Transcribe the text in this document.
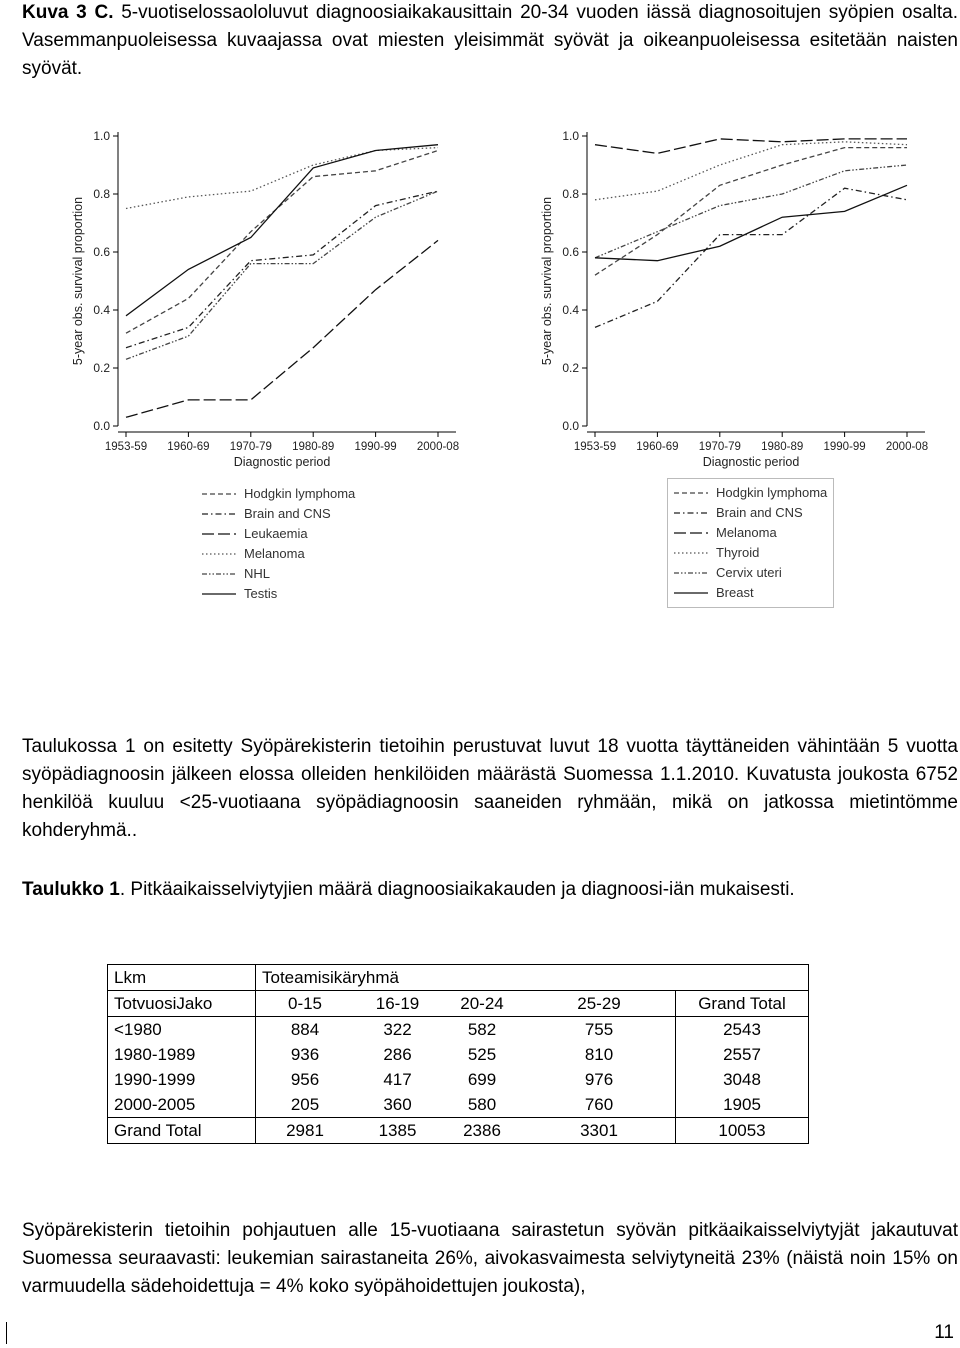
Kuva 3 C. 5-vuotiselossaololuvut diagnoosiaikakausittain 20-34 vuoden iässä diagnosoitujen syöpien osalta. Vasemmanpuoleisessa kuvaajassa ovat miesten yleisimmät syövät ja oikeanpuoleisessa esitetään naisten syövät.

0.0
0.2
0.4
0.6
0.8
1.0
1953-59 1960-69 1970-79 1980-89 1990-99 2000-08
Diagnostic period
5-year obs. survival proportion
0.0
0.2
0.4
0.6
0.8
1.0
1953-59 1960-69 1970-79 1980-89 1990-99 2000-08
Diagnostic period
5-year obs. survival proportion
Hodgkin lymphoma
Brain and CNS
Leukaemia
Melanoma
NHL
Testis
Hodgkin lymphoma
Brain and CNS
Melanoma
Thyroid
Cervix uteri
Breast

Taulukossa 1 on esitetty Syöpärekisterin tietoihin perustuvat luvut 18 vuotta täyttäneiden vähintään 5 vuotta syöpädiagnoosin jälkeen elossa olleiden henkilöiden määrästä Suomessa 1.1.2010. Kuvatusta joukosta 6752 henkilöä kuuluu <25-vuotiaana syöpädiagnoosin saaneiden ryhmään, mikä on jatkossa mietintömme kohderyhmä..

Taulukko 1. Pitkäaikaisselviytyjien määrä diagnoosiaikakauden ja diagnoosi-iän mukaisesti.

Lkm	Toteamisikäryhmä				
TotvuosiJako	0-15	16-19	20-24	25-29	Grand Total
<1980	884	322	582	755	2543
1980-1989	936	286	525	810	2557
1990-1999	956	417	699	976	3048
2000-2005	205	360	580	760	1905
Grand Total	2981	1385	2386	3301	10053

Syöpärekisterin tietoihin pohjautuen alle 15-vuotiaana sairastetun syövän pitkäaikaisselviytyjät jakautuvat Suomessa seuraavasti: leukemian sairastaneita 26%, aivokasvaimesta selviytyneitä 23% (näistä noin 15% on varmuudella sädehoidettuja = 4% koko syöpähoidettujen joukosta),

11
